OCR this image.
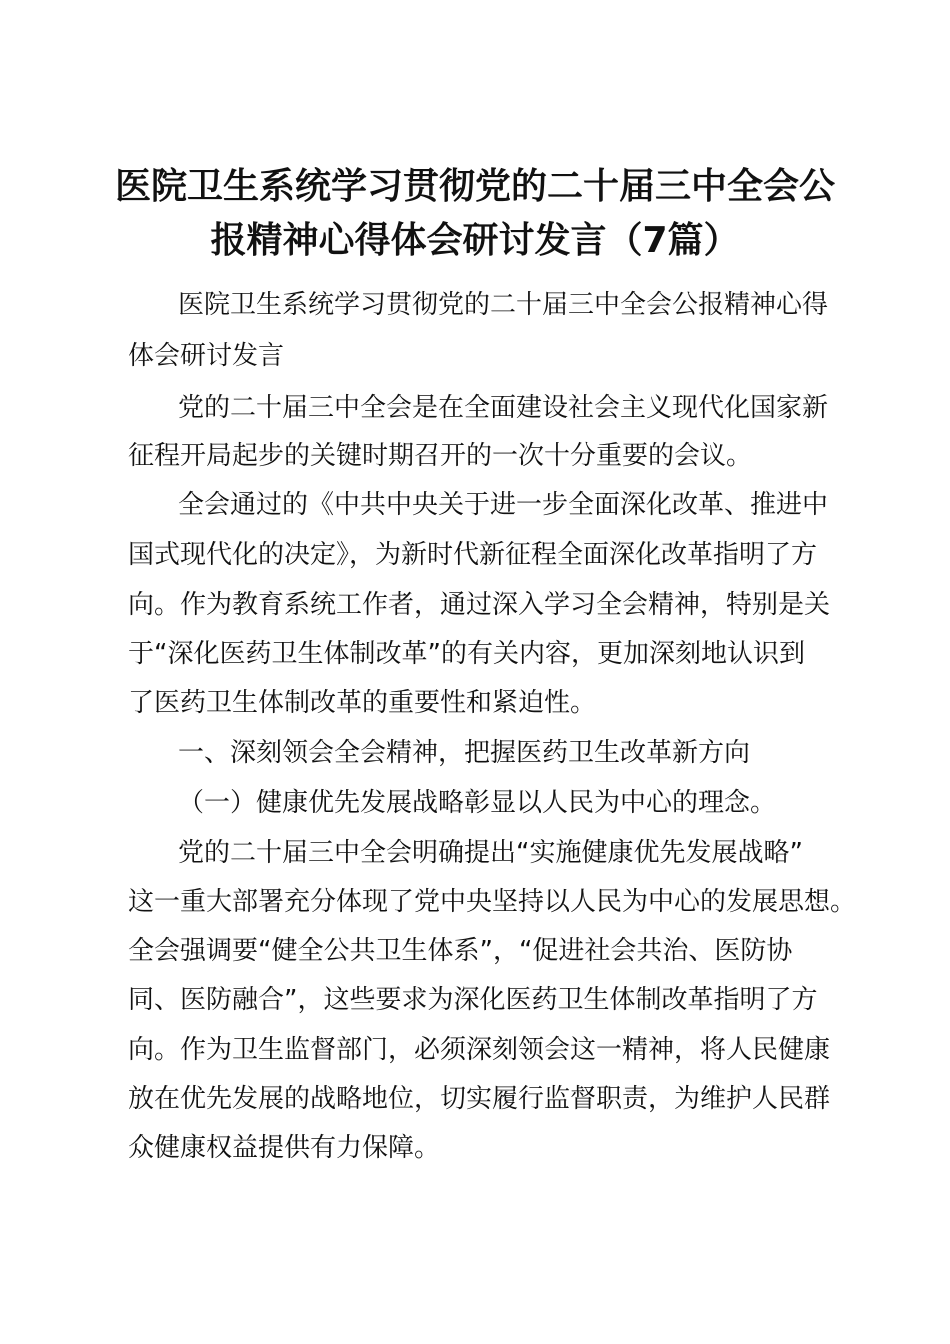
医院卫生系统学习贯彻党的二十届三中全会公
报精神心得体会研讨发言（7篇）

医院卫生系统学习贯彻党的二十届三中全会公报精神心得

体会研讨发言

党的二十届三中全会是在全面建设社会主义现代化国家新

征程开局起步的关键时期召开的一次十分重要的会议。

全会通过的《中共中央关于进一步全面深化改革、推进中

国式现代化的决定》，为新时代新征程全面深化改革指明了方

向。作为教育系统工作者，通过深入学习全会精神，特别是关

于“深化医药卫生体制改革”的有关内容，更加深刻地认识到

了医药卫生体制改革的重要性和紧迫性。

一、深刻领会全会精神，把握医药卫生改革新方向

（一）健康优先发展战略彰显以人民为中心的理念。

党的二十届三中全会明确提出“实施健康优先发展战略”

这一重大部署充分体现了党中央坚持以人民为中心的发展思想。

全会强调要“健全公共卫生体系”，“促进社会共治、医防协

同、医防融合”，这些要求为深化医药卫生体制改革指明了方

向。作为卫生监督部门，必须深刻领会这一精神，将人民健康

放在优先发展的战略地位，切实履行监督职责，为维护人民群

众健康权益提供有力保障。
